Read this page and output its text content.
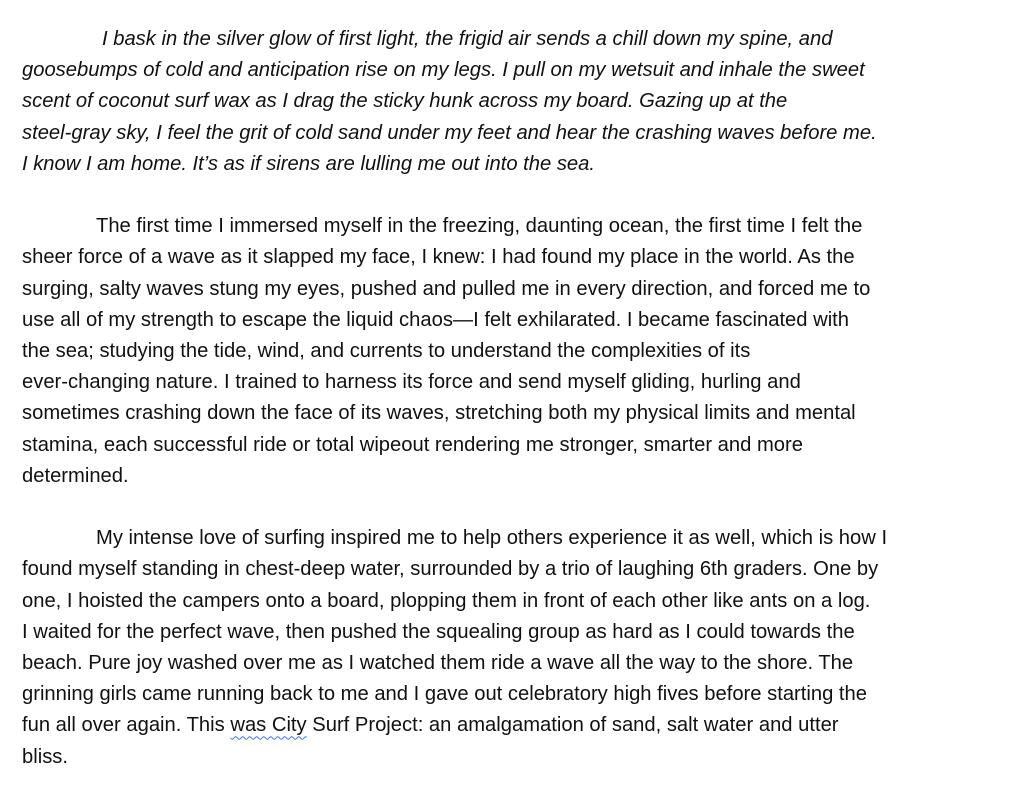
I bask in the silver glow of first light, the frigid air sends a chill down my spine, and
goosebumps of cold and anticipation rise on my legs. I pull on my wetsuit and inhale the sweet
scent of coconut surf wax as I drag the sticky hunk across my board. Gazing up at the
steel-gray sky, I feel the grit of cold sand under my feet and hear the crashing waves before me.
I know I am home. It’s as if sirens are lulling me out into the sea.

The first time I immersed myself in the freezing, daunting ocean, the first time I felt the
sheer force of a wave as it slapped my face, I knew: I had found my place in the world. As the
surging, salty waves stung my eyes, pushed and pulled me in every direction, and forced me to
use all of my strength to escape the liquid chaos—I felt exhilarated. I became fascinated with
the sea; studying the tide, wind, and currents to understand the complexities of its
ever-changing nature. I trained to harness its force and send myself gliding, hurling and
sometimes crashing down the face of its waves, stretching both my physical limits and mental
stamina, each successful ride or total wipeout rendering me stronger, smarter and more
determined.

My intense love of surfing inspired me to help others experience it as well, which is how I
found myself standing in chest-deep water, surrounded by a trio of laughing 6th graders. One by
one, I hoisted the campers onto a board, plopping them in front of each other like ants on a log.
I waited for the perfect wave, then pushed the squealing group as hard as I could towards the
beach. Pure joy washed over me as I watched them ride a wave all the way to the shore. The
grinning girls came running back to me and I gave out celebratory high fives before starting the
fun all over again. This was City Surf Project: an amalgamation of sand, salt water and utter
bliss.
